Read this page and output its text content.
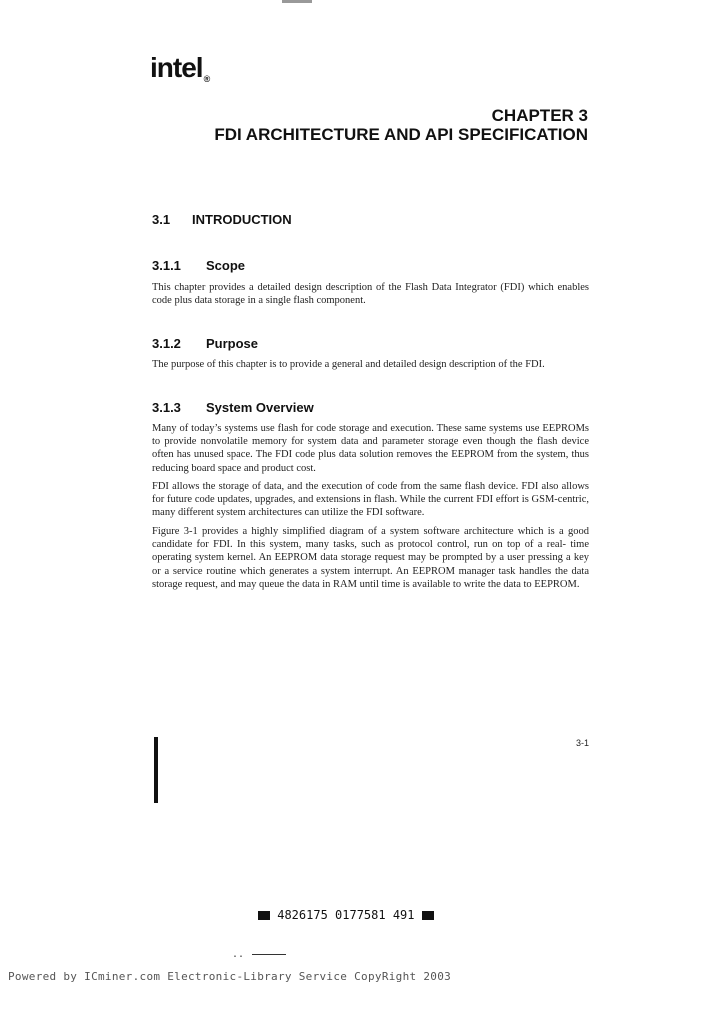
intel®
CHAPTER 3
FDI ARCHITECTURE AND API SPECIFICATION
3.1 INTRODUCTION
3.1.1 Scope
This chapter provides a detailed design description of the Flash Data Integrator (FDI) which enables code plus data storage in a single flash component.
3.1.2 Purpose
The purpose of this chapter is to provide a general and detailed design description of the FDI.
3.1.3 System Overview
Many of today’s systems use flash for code storage and execution. These same systems use EEPROMs to provide nonvolatile memory for system data and parameter storage even though the flash device often has unused space. The FDI code plus data solution removes the EEPROM from the system, thus reducing board space and product cost.
FDI allows the storage of data, and the execution of code from the same flash device. FDI also allows for future code updates, upgrades, and extensions in flash. While the current FDI effort is GSM-centric, many different system architectures can utilize the FDI software.
Figure 3-1 provides a highly simplified diagram of a system software architecture which is a good candidate for FDI. In this system, many tasks, such as protocol control, run on top of a real- time operating system kernel. An EEPROM data storage request may be prompted by a user pressing a key or a service routine which generates a system interrupt. An EEPROM manager task handles the data storage request, and may queue the data in RAM until time is available to write the data to EEPROM.
3-1
4826175 0177581 491
..
Powered by ICminer.com Electronic-Library Service CopyRight 2003
